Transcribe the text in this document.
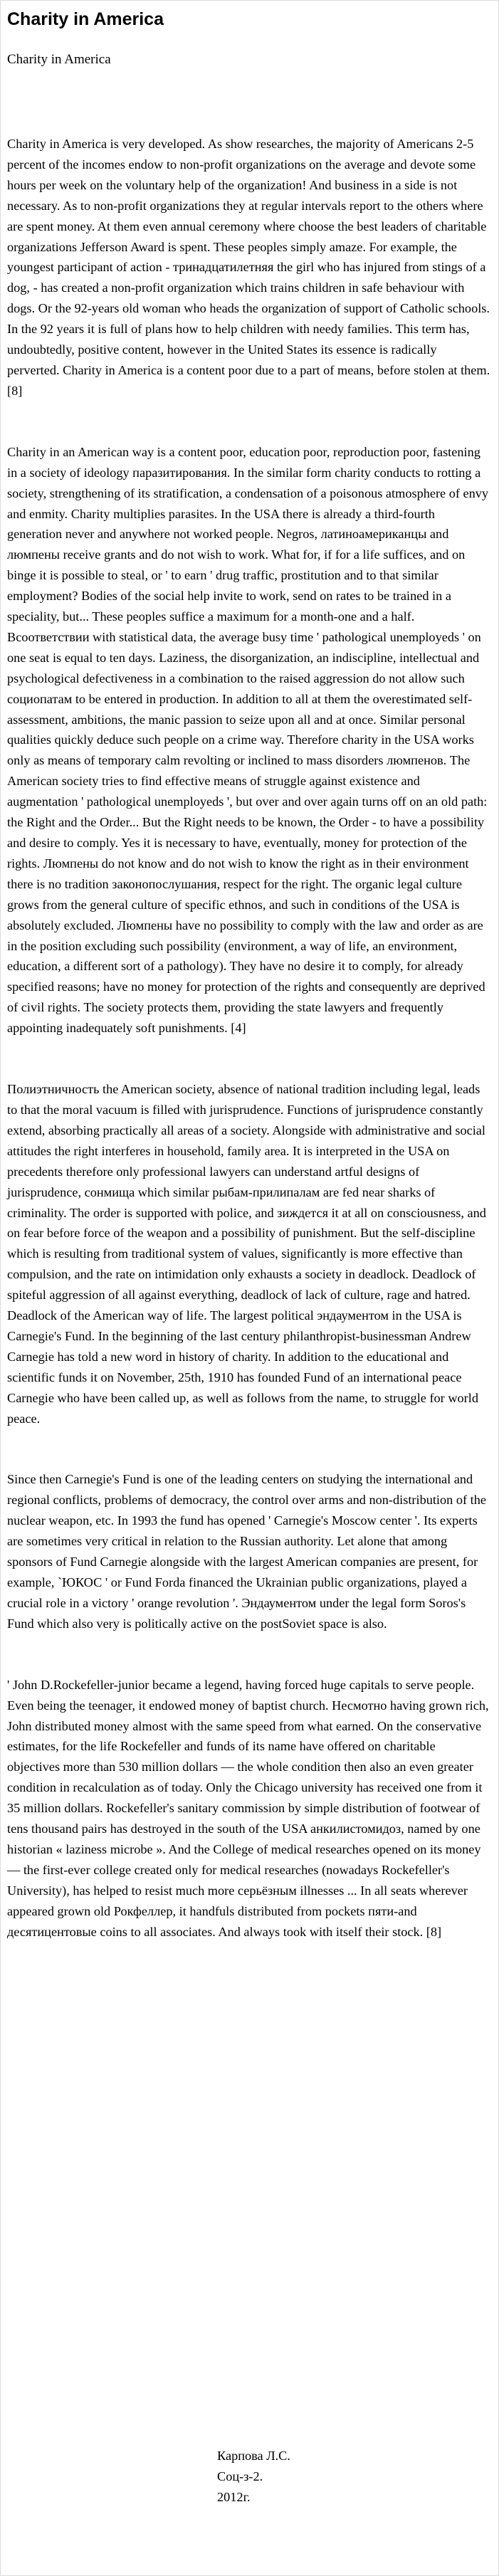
Charity in America
Charity in America

Charity in America is very developed. As show researches, the majority of Americans 2-5 percent of the incomes endow to non-profit organizations on the average and devote some hours per week on the voluntary help of the organization! And business in a side is not necessary. As to non-profit organizations they at regular intervals report to the others where are spent money. At them even annual ceremony where choose the best leaders of charitable organizations Jefferson Award is spent. These peoples simply amaze. For example, the youngest participant of action - тринадцатилетняя the girl who has injured from stings of a dog, - has created a non-profit organization which trains children in safe behaviour with dogs. Or the 92-years old woman who heads the organization of support of Catholic schools. In the 92 years it is full of plans how to help children with needy families. This term has, undoubtedly, positive content, however in the United States its essence is radically perverted. Charity in America is a content poor due to a part of means, before stolen at them. [8]

Charity in an American way is a content poor, education poor, reproduction poor, fastening in a society of ideology паразитирования. In the similar form charity conducts to rotting a society, strengthening of its stratification, a condensation of a poisonous atmosphere of envy and enmity. Charity multiplies parasites. In the USA there is already a third-fourth generation never and anywhere not worked people. Negros, латиноамериканцы and люмпены receive grants and do not wish to work. What for, if for a life suffices, and on binge it is possible to steal, or ' to earn ' drug traffic, prostitution and to that similar employment? Bodies of the social help invite to work, send on rates to be trained in a speciality, but... These peoples suffice a maximum for a month-one and a half. Всоответствии with statistical data, the average busy time ' pathological unemployeds ' on one seat is equal to ten days. Laziness, the disorganization, an indiscipline, intellectual and psychological defectiveness in a combination to the raised aggression do not allow such социопатам to be entered in production. In addition to all at them the overestimated self-assessment, ambitions, the manic passion to seize upon all and at once. Similar personal qualities quickly deduce such people on a crime way. Therefore charity in the USA works only as means of temporary calm revolting or inclined to mass disorders люмпенов. The American society tries to find effective means of struggle against existence and augmentation ' pathological unemployeds ', but over and over again turns off on an old path: the Right and the Order... But the Right needs to be known, the Order - to have a possibility and desire to comply. Yes it is necessary to have, eventually, money for protection of the rights. Люмпены do not know and do not wish to know the right as in their environment there is no tradition законопослушания, respect for the right. The organic legal culture grows from the general culture of specific ethnos, and such in conditions of the USA is absolutely excluded. Люмпены have no possibility to comply with the law and order as are in the position excluding such possibility (environment, a way of life, an environment, education, a different sort of a pathology). They have no desire it to comply, for already specified reasons; have no money for protection of the rights and consequently are deprived of civil rights. The society protects them, providing the state lawyers and frequently appointing inadequately soft punishments. [4]

Полиэтничность the American society, absence of national tradition including legal, leads to that the moral vacuum is filled with jurisprudence. Functions of jurisprudence constantly extend, absorbing practically all areas of a society. Alongside with administrative and social attitudes the right interferes in household, family area. It is interpreted in the USA on precedents therefore only professional lawyers can understand artful designs of jurisprudence, сонмища which similar рыбам-прилипалам are fed near sharks of criminality. The order is supported with police, and зиждется it at all on consciousness, and on fear before force of the weapon and a possibility of punishment. But the self-discipline which is resulting from traditional system of values, significantly is more effective than compulsion, and the rate on intimidation only exhausts a society in deadlock. Deadlock of spiteful aggression of all against everything, deadlock of lack of culture, rage and hatred. Deadlock of the American way of life. The largest political эндаументом in the USA is Carnegie's Fund. In the beginning of the last century philanthropist-businessman Andrew Carnegie has told a new word in history of charity. In addition to the educational and scientific funds it on November, 25th, 1910 has founded Fund of an international peace Carnegie who have been called up, as well as follows from the name, to struggle for world peace.

Since then Carnegie's Fund is one of the leading centers on studying the international and regional conflicts, problems of democracy, the control over arms and non-distribution of the nuclear weapon, etc. In 1993 the fund has opened ' Carnegie's Moscow center '. Its experts are sometimes very critical in relation to the Russian authority. Let alone that among sponsors of Fund Carnegie alongside with the largest American companies are present, for example, `ЮКОС ' or Fund Forda financed the Ukrainian public organizations, played a crucial role in a victory ' orange revolution '. Эндаументом under the legal form Soros's Fund which also very is politically active on the postSoviet space is also.

' John D.Rockefeller-junior became a legend, having forced huge capitals to serve people. Even being the teenager, it endowed money of baptist church. Несмотно having grown rich, John distributed money almost with the same speed from what earned. On the conservative estimates, for the life Rockefeller and funds of its name have offered on charitable objectives more than 530 million dollars — the whole condition then also an even greater condition in recalculation as of today. Only the Chicago university has received one from it 35 million dollars. Rockefeller's sanitary commission by simple distribution of footwear of tens thousand pairs has destroyed in the south of the USA анкилистомидоз, named by one historian « laziness microbe ». And the College of medical researches opened on its money — the first-ever college created only for medical researches (nowadays Rockefeller's University), has helped to resist much more серьёзным illnesses ... In all seats wherever appeared grown old Рокфеллер, it handfuls distributed from pockets пяти-and десятицентовые coins to all associates. And always took with itself their stock. [8]

Карпова Л.С.
Соц-з-2.
2012г.
